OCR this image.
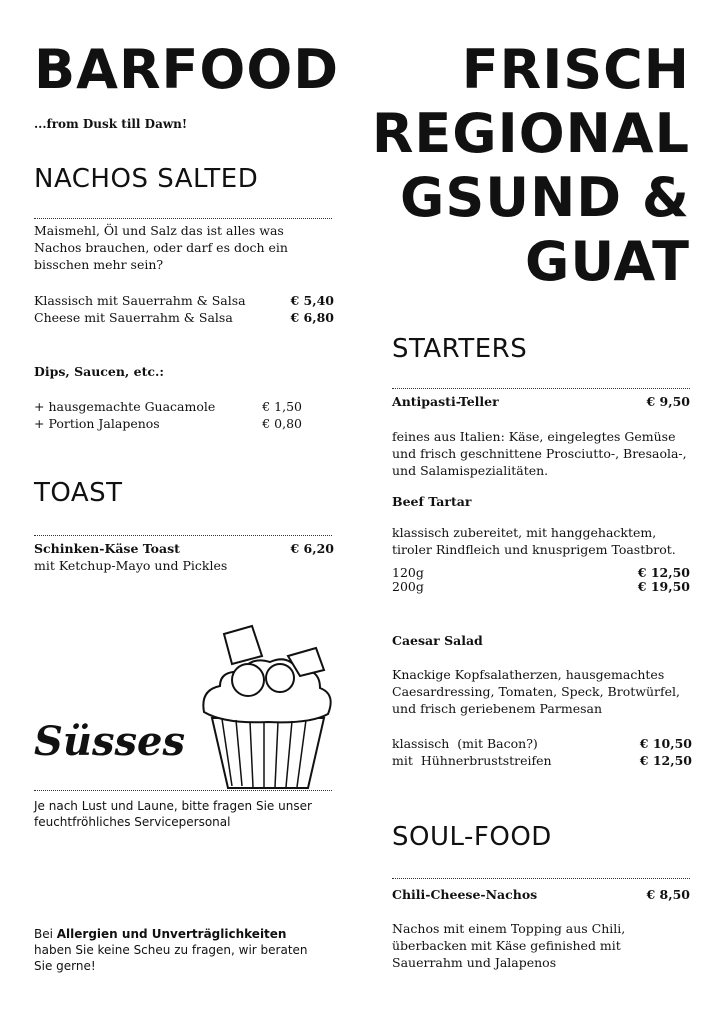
BARFOOD
...from Dusk till Dawn!
FRISCH
REGIONAL
GSUND &
GUAT
NACHOS SALTED
Maismehl, Öl und Salz das ist alles was Nachos brauchen, oder darf es doch ein bisschen mehr sein?
Klassisch mit Sauerrahm & Salsa	€ 5,40
Cheese mit Sauerrahm & Salsa	€ 6,80
Dips, Saucen, etc.:
+ hausgemachte Guacamole	€ 1,50
+ Portion Jalapenos	€ 0,80
TOAST
Schinken-Käse Toast	€ 6,20
mit Ketchup-Mayo und Pickles
Süsses
Je nach Lust und Laune, bitte fragen Sie unser feuchtfröhliches Servicepersonal
Bei Allergien und Unverträglichkeiten haben Sie keine Scheu zu fragen, wir beraten Sie gerne!
STARTERS
Antipasti-Teller	€ 9,50
feines aus Italien: Käse, eingelegtes Gemüse und frisch geschnittene Prosciutto-, Bresaola-, und Salamispezialitäten.
Beef Tartar
klassisch zubereitet, mit hanggehacktem, tiroler Rindfleich und knusprigem Toastbrot.
120g	€ 12,50
200g	€ 19,50
Caesar Salad
Knackige Kopfsalatherzen, hausgemachtes Caesardressing, Tomaten, Speck, Brotwürfel, und frisch geriebenem Parmesan
klassisch  (mit Bacon?)	€ 10,50
mit  Hühnerbruststreifen	€ 12,50
SOUL-FOOD
Chili-Cheese-Nachos	€ 8,50
Nachos mit einem Topping aus Chili, überbacken mit Käse gefinished mit Sauerrahm und Jalapenos
